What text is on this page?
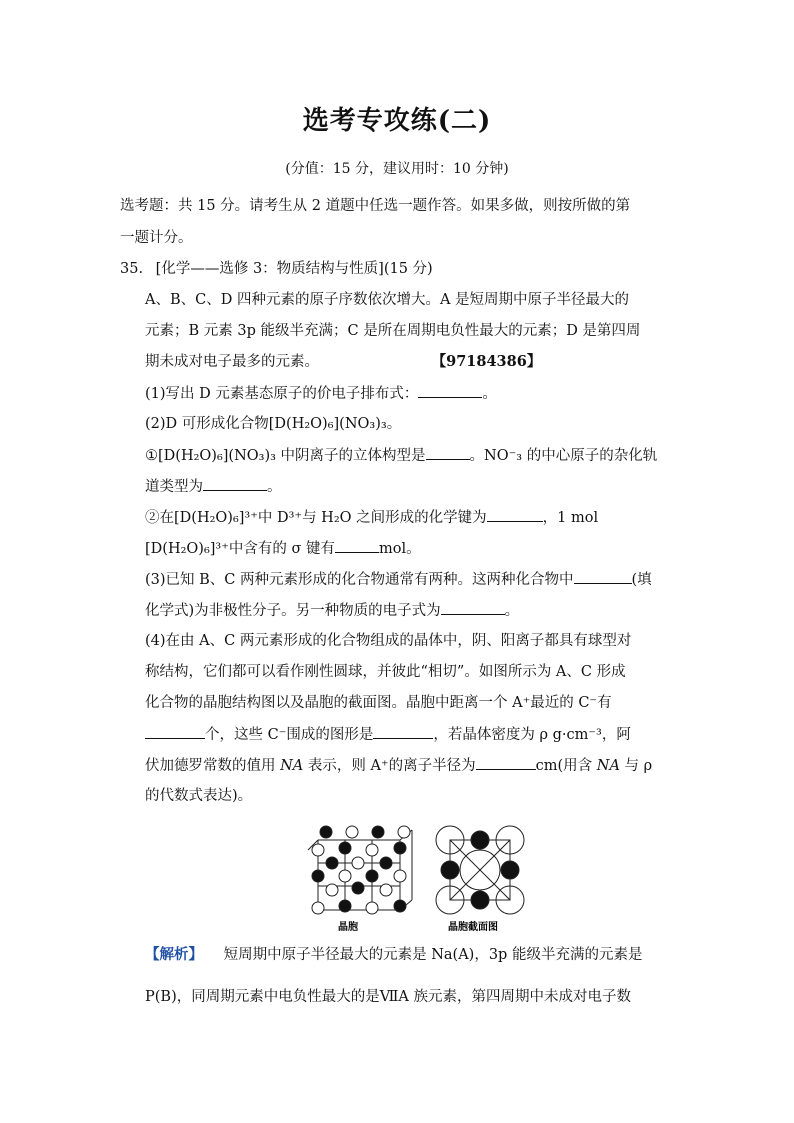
选考专攻练(二)
(分值：15 分，建议用时：10 分钟)
选考题：共 15 分。请考生从 2 道题中任选一题作答。如果多做，则按所做的第
一题计分。
35. [化学——选修 3：物质结构与性质](15 分)
A、B、C、D 四种元素的原子序数依次增大。A 是短周期中原子半径最大的
元素；B 元素 3p 能级半充满；C 是所在周期电负性最大的元素；D 是第四周
期未成对电子最多的元素。	【97184386】
(1)写出 D 元素基态原子的价电子排布式：	。
(2)D 可形成化合物[D(H₂O)₆](NO₃)₃。
①[D(H₂O)₆](NO₃)₃ 中阴离子的立体构型是	。NO⁻₃ 的中心原子的杂化轨
道类型为	。
②在[D(H₂O)₆]³⁺中 D³⁺与 H₂O 之间形成的化学键为	，1 mol
[D(H₂O)₆]³⁺中含有的 σ 键有	mol。
(3)已知 B、C 两种元素形成的化合物通常有两种。这两种化合物中	(填
化学式)为非极性分子。另一种物质的电子式为	。
(4)在由 A、C 两元素形成的化合物组成的晶体中，阴、阳离子都具有球型对
称结构，它们都可以看作刚性圆球，并彼此“相切”。如图所示为 A、C 形成
化合物的晶胞结构图以及晶胞的截面图。晶胞中距离一个 A⁺最近的 C⁻有
个，这些 C⁻围成的图形是	，若晶体密度为 ρ g·cm⁻³，阿
伏加德罗常数的值用 NA 表示，则 A⁺的离子半径为	cm(用含 NA 与 ρ
的代数式表达)。
晶胞	晶胞截面图
【解析】 短周期中原子半径最大的元素是 Na(A)，3p 能级半充满的元素是
P(B)，同周期元素中电负性最大的是ⅦA 族元素，第四周期中未成对电子数
